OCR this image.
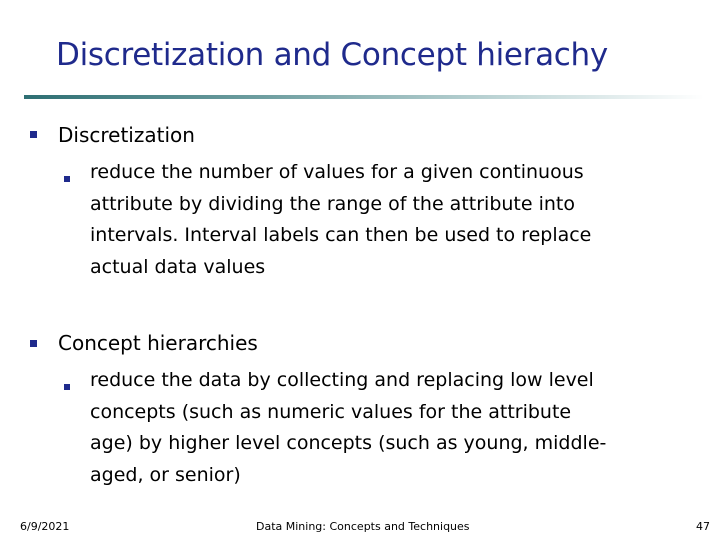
Discretization and Concept hierachy
Discretization
reduce the number of values for a given continuous
attribute by dividing the range of the attribute into
intervals. Interval labels can then be used to replace
actual data values
Concept hierarchies
reduce the data by collecting and replacing low level
concepts (such as numeric values for the attribute
age) by higher level concepts (such as young, middle-
aged, or senior)
6/9/2021	Data Mining: Concepts and Techniques	47
